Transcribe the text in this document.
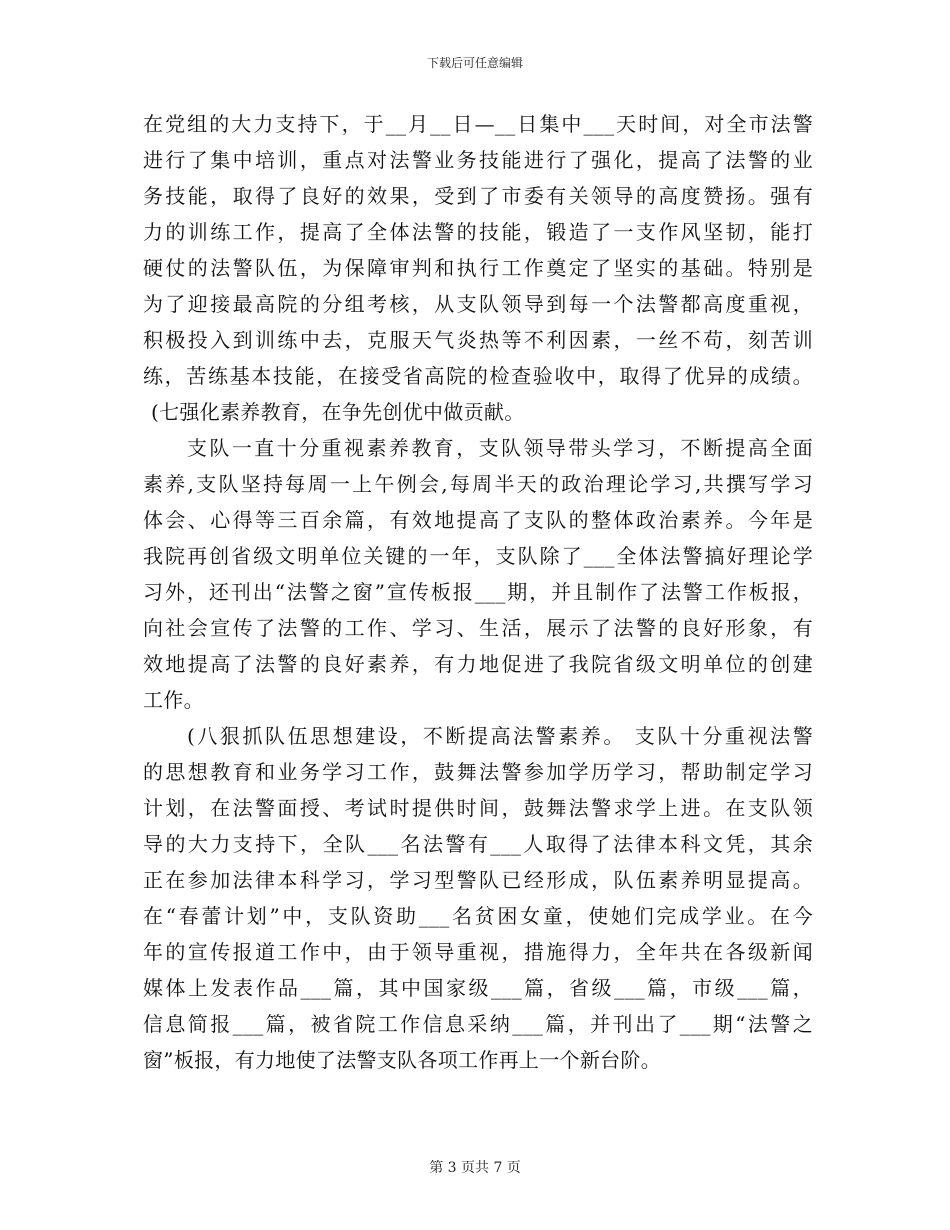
下载后可任意编辑
在党组的大力支持下，于__月__日—__日集中___天时间，对全市法警
进行了集中培训，重点对法警业务技能进行了强化，提高了法警的业
务技能，取得了良好的效果，受到了市委有关领导的高度赞扬。强有
力的训练工作，提高了全体法警的技能，锻造了一支作风坚韧，能打
硬仗的法警队伍，为保障审判和执行工作奠定了坚实的基础。特别是
为了迎接最高院的分组考核，从支队领导到每一个法警都高度重视，
积极投入到训练中去，克服天气炎热等不利因素，一丝不苟，刻苦训
练，苦练基本技能，在接受省高院的检查验收中，取得了优异的成绩。
(七强化素养教育，在争先创优中做贡献。
支队一直十分重视素养教育，支队领导带头学习，不断提高全面
素养,支队坚持每周一上午例会,每周半天的政治理论学习,共撰写学习
体会、心得等三百余篇，有效地提高了支队的整体政治素养。今年是
我院再创省级文明单位关键的一年，支队除了___全体法警搞好理论学
习外，还刊出“法警之窗”宣传板报___期，并且制作了法警工作板报，
向社会宣传了法警的工作、学习、生活，展示了法警的良好形象，有
效地提高了法警的良好素养，有力地促进了我院省级文明单位的创建
工作。
(八狠抓队伍思想建设，不断提高法警素养。 支队十分重视法警
的思想教育和业务学习工作，鼓舞法警参加学历学习，帮助制定学习
计划，在法警面授、考试时提供时间，鼓舞法警求学上进。在支队领
导的大力支持下，全队___名法警有___人取得了法律本科文凭，其余
正在参加法律本科学习，学习型警队已经形成，队伍素养明显提高。
在“春蕾计划”中，支队资助___名贫困女童，使她们完成学业。在今
年的宣传报道工作中，由于领导重视，措施得力，全年共在各级新闻
媒体上发表作品___篇，其中国家级___篇，省级___篇，市级___篇，
信息简报___篇，被省院工作信息采纳___篇，并刊出了___期“法警之
窗”板报，有力地使了法警支队各项工作再上一个新台阶。
第 3 页共 7 页
